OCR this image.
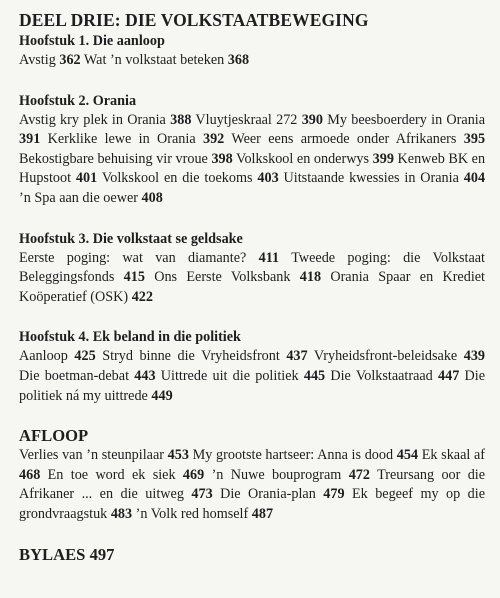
DEEL DRIE: DIE VOLKSTAATBEWEGING
Hoofstuk 1. Die aanloop

Avstig 362 Wat ’n volkstaat beteken 368

Hoofstuk 2. Orania

Avstig kry plek in Orania 388 Vluytjeskraal 272 390 My beesboerdery in Orania 391 Kerklike lewe in Orania 392 Weer eens armoede onder Afrikaners 395 Bekostigbare behuising vir vroue 398 Volkskool en onderwys 399 Kenweb BK en Hupstoot 401 Volkskool en die toekoms 403 Uitstaande kwessies in Orania 404 ’n Spa aan die oewer 408

Hoofstuk 3. Die volkstaat se geldsake

Eerste poging: wat van diamante? 411 Tweede poging: die Volkstaat Beleggingsfonds 415 Ons Eerste Volksbank 418 Orania Spaar en Krediet Koöperatief (OSK) 422

Hoofstuk 4. Ek beland in die politiek

Aanloop 425 Stryd binne die Vryheidsfront 437 Vryheidsfront-beleidsake 439 Die boetman-debat 443 Uittrede uit die politiek 445 Die Volkstaatraad 447 Die politiek ná my uittrede 449

AFLOOP

Verlies van ’n steunpilaar 453 My grootste hartseer: Anna is dood 454 Ek skaal af 468 En toe word ek siek 469 ’n Nuwe bouprogram 472 Treursang oor die Afrikaner ... en die uitweg 473 Die Orania-plan 479 Ek begeef my op die grondvraagstuk 483 ’n Volk red homself 487

BYLAES 497
